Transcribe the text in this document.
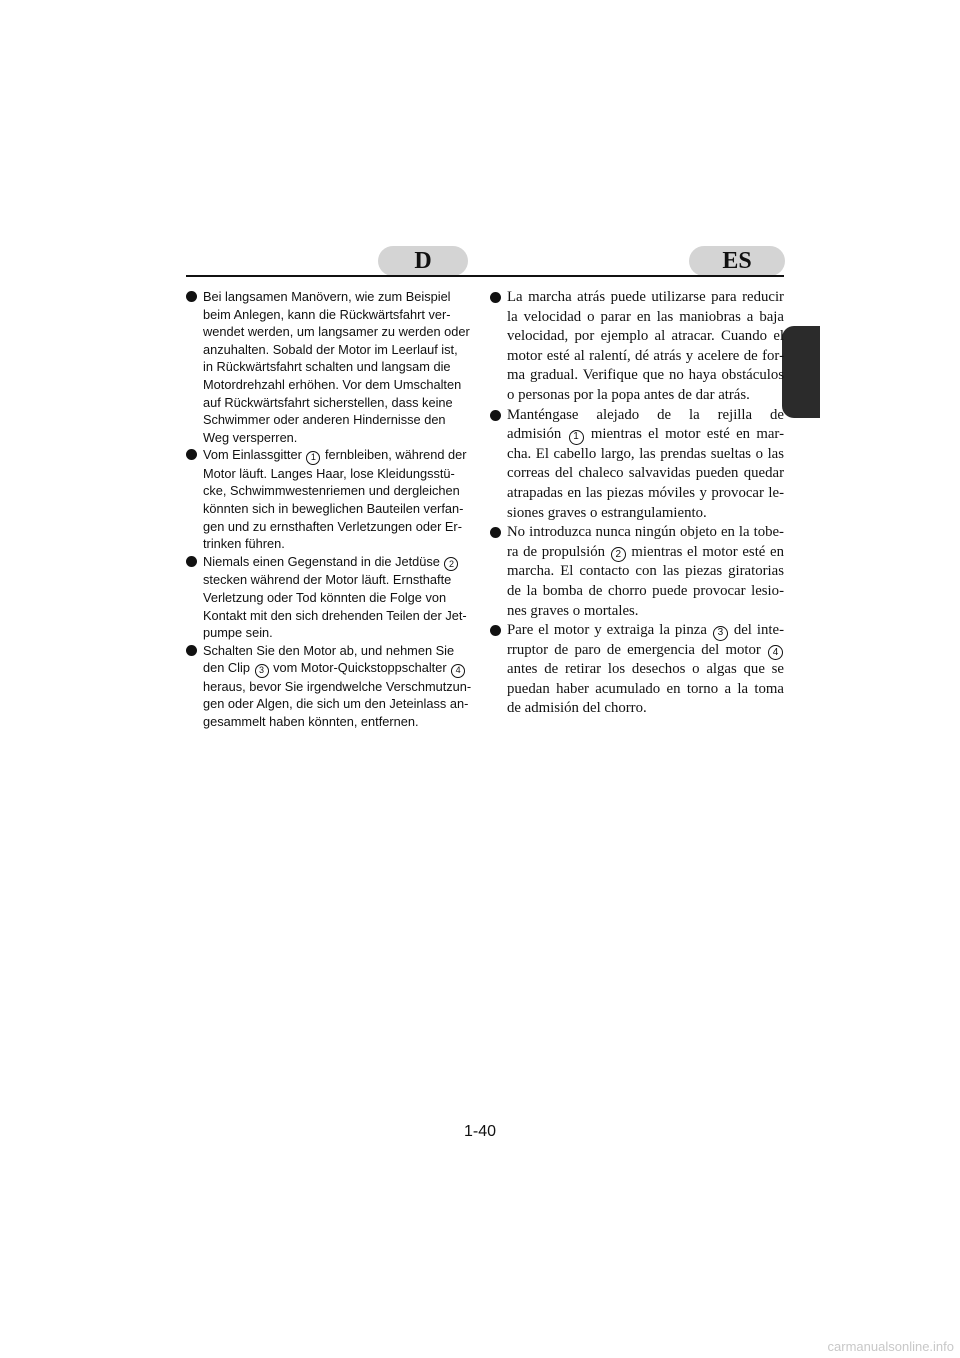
D	ES
Bei langsamen Manövern, wie zum Beispiel
beim Anlegen, kann die Rückwärtsfahrt ver-
wendet werden, um langsamer zu werden oder
anzuhalten. Sobald der Motor im Leerlauf ist,
in Rückwärtsfahrt schalten und langsam die
Motordrehzahl erhöhen. Vor dem Umschalten
auf Rückwärtsfahrt sicherstellen, dass keine
Schwimmer oder anderen Hindernisse den
Weg versperren.
Vom Einlassgitter 1 fernbleiben, während der
Motor läuft. Langes Haar, lose Kleidungsstü-
cke, Schwimmwestenriemen und dergleichen
könnten sich in beweglichen Bauteilen verfan-
gen und zu ernsthaften Verletzungen oder Er-
trinken führen.
Niemals einen Gegenstand in die Jetdüse 2
stecken während der Motor läuft. Ernsthafte
Verletzung oder Tod könnten die Folge von
Kontakt mit den sich drehenden Teilen der Jet-
pumpe sein.
Schalten Sie den Motor ab, und nehmen Sie
den Clip 3 vom Motor-Quickstoppschalter 4
heraus, bevor Sie irgendwelche Verschmutzun-
gen oder Algen, die sich um den Jeteinlass an-
gesammelt haben könnten, entfernen.
La marcha atrás puede utilizarse para reducir
la velocidad o parar en las maniobras a baja
velocidad, por ejemplo al atracar. Cuando el
motor esté al ralentí, dé atrás y acelere de for-
ma gradual. Verifique que no haya obstáculos
o personas por la popa antes de dar atrás.
Manténgase alejado de la rejilla de
admisión 1 mientras el motor esté en mar-
cha. El cabello largo, las prendas sueltas o las
correas del chaleco salvavidas pueden quedar
atrapadas en las piezas móviles y provocar le-
siones graves o estrangulamiento.
No introduzca nunca ningún objeto en la tobe-
ra de propulsión 2 mientras el motor esté en
marcha. El contacto con las piezas giratorias
de la bomba de chorro puede provocar lesio-
nes graves o mortales.
Pare el motor y extraiga la pinza 3 del inte-
rruptor de paro de emergencia del motor 4
antes de retirar los desechos o algas que se
puedan haber acumulado en torno a la toma
de admisión del chorro.
1-40
carmanualsonline.info
